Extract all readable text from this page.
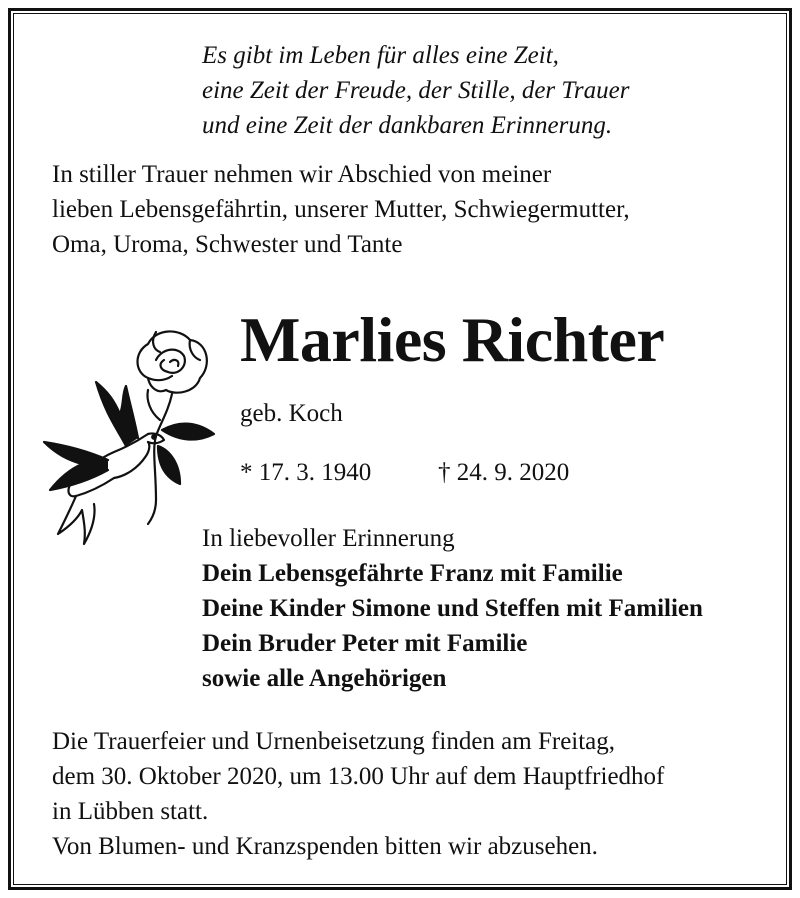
Es gibt im Leben für alles eine Zeit,
eine Zeit der Freude, der Stille, der Trauer
und eine Zeit der dankbaren Erinnerung.
In stiller Trauer nehmen wir Abschied von meiner
lieben Lebensgefährtin, unserer Mutter, Schwiegermutter,
Oma, Uroma, Schwester und Tante
Marlies Richter
geb. Koch
* 17. 3. 1940	† 24. 9. 2020
In liebevoller Erinnerung
Dein Lebensgefährte Franz mit Familie
Deine Kinder Simone und Steffen mit Familien
Dein Bruder Peter mit Familie
sowie alle Angehörigen
Die Trauerfeier und Urnenbeisetzung finden am Freitag,
dem 30. Oktober 2020, um 13.00 Uhr auf dem Hauptfriedhof
in Lübben statt.
Von Blumen- und Kranzspenden bitten wir abzusehen.
